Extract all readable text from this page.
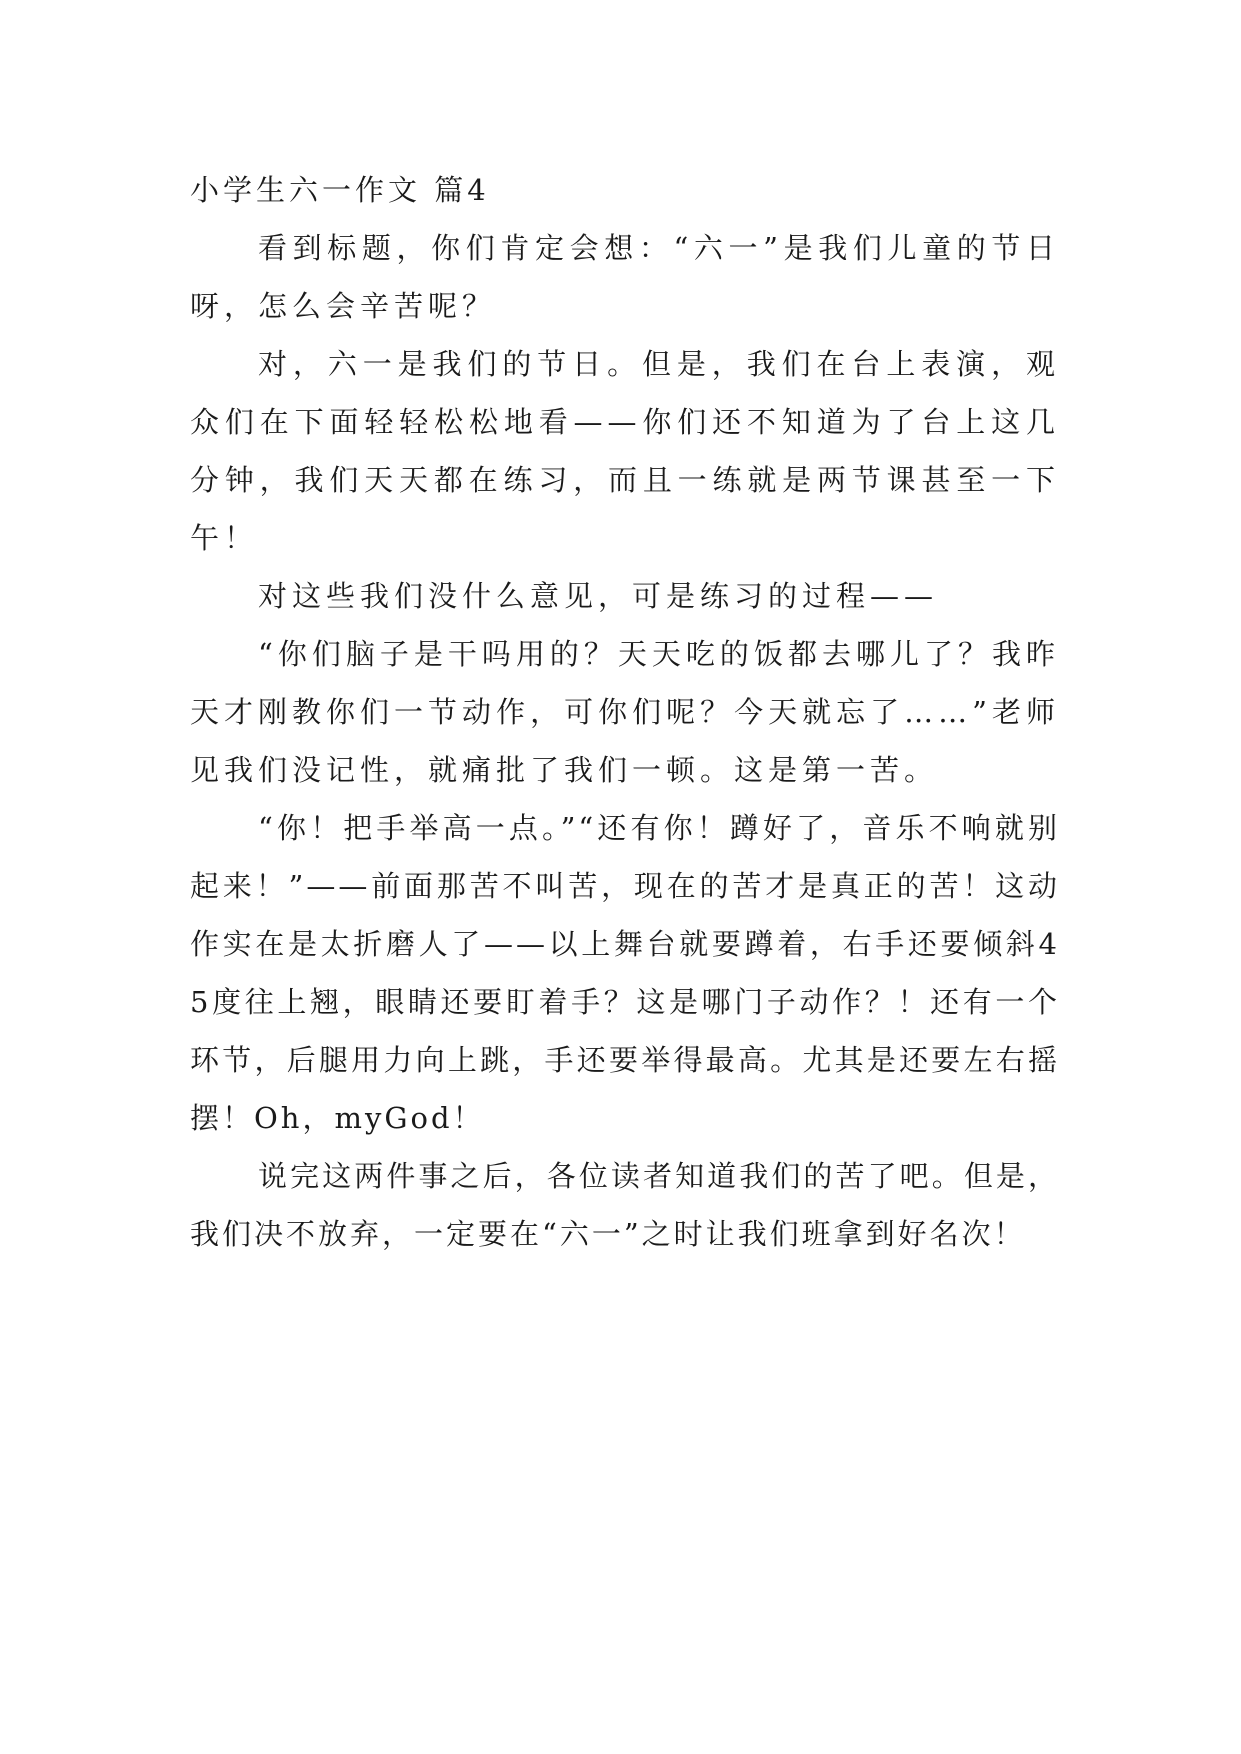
小学生六一作文 篇4

看到标题，你们肯定会想：“六一”是我们儿童的节日呀，怎么会辛苦呢？

对，六一是我们的节日。但是，我们在台上表演，观众们在下面轻轻松松地看——你们还不知道为了台上这几分钟，我们天天都在练习，而且一练就是两节课甚至一下午！

对这些我们没什么意见，可是练习的过程——

“你们脑子是干吗用的？天天吃的饭都去哪儿了？我昨天才刚教你们一节动作，可你们呢？今天就忘了……”老师见我们没记性，就痛批了我们一顿。这是第一苦。

“你！把手举高一点。”“还有你！蹲好了，音乐不响就别起来！”——前面那苦不叫苦，现在的苦才是真正的苦！这动作实在是太折磨人了——以上舞台就要蹲着，右手还要倾斜45度往上翘，眼睛还要盯着手？这是哪门子动作？！还有一个环节，后腿用力向上跳，手还要举得最高。尤其是还要左右摇摆！Oh，myGod！

说完这两件事之后，各位读者知道我们的苦了吧。但是，我们决不放弃，一定要在“六一”之时让我们班拿到好名次！
